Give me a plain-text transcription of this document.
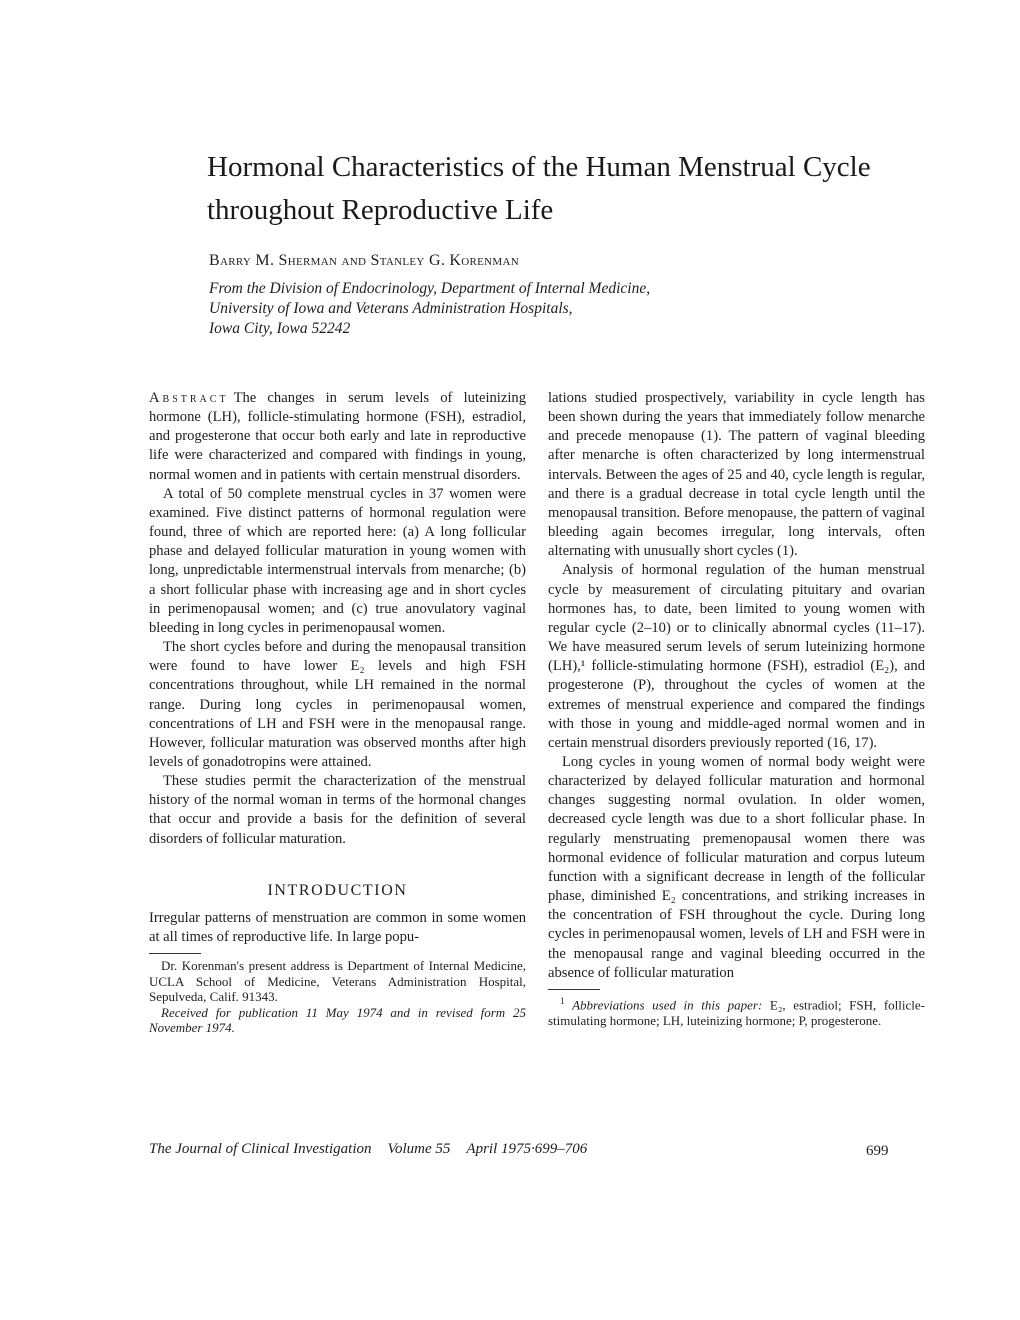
Hormonal Characteristics of the Human Menstrual Cycle
throughout Reproductive Life
Barry M. Sherman and Stanley G. Korenman
From the Division of Endocrinology, Department of Internal Medicine,
University of Iowa and Veterans Administration Hospitals,
Iowa City, Iowa 52242

Abstract The changes in serum levels of luteinizing hormone (LH), follicle-stimulating hormone (FSH), estradiol, and progesterone that occur both early and late in reproductive life were characterized and compared with findings in young, normal women and in patients with certain menstrual disorders.

A total of 50 complete menstrual cycles in 37 women were examined. Five distinct patterns of hormonal regulation were found, three of which are reported here: (a) A long follicular phase and delayed follicular maturation in young women with long, unpredictable intermenstrual intervals from menarche; (b) a short follicular phase with increasing age and in short cycles in perimenopausal women; and (c) true anovulatory vaginal bleeding in long cycles in perimenopausal women.

The short cycles before and during the menopausal transition were found to have lower E₂ levels and high FSH concentrations throughout, while LH remained in the normal range. During long cycles in perimenopausal women, concentrations of LH and FSH were in the menopausal range. However, follicular maturation was observed months after high levels of gonadotropins were attained.

These studies permit the characterization of the menstrual history of the normal woman in terms of the hormonal changes that occur and provide a basis for the definition of several disorders of follicular maturation.

INTRODUCTION

Irregular patterns of menstruation are common in some women at all times of reproductive life. In large popu-

Dr. Korenman's present address is Department of Internal Medicine, UCLA School of Medicine, Veterans Administration Hospital, Sepulveda, Calif. 91343.

Received for publication 11 May 1974 and in revised form 25 November 1974.

lations studied prospectively, variability in cycle length has been shown during the years that immediately follow menarche and precede menopause (1). The pattern of vaginal bleeding after menarche is often characterized by long intermenstrual intervals. Between the ages of 25 and 40, cycle length is regular, and there is a gradual decrease in total cycle length until the menopausal transition. Before menopause, the pattern of vaginal bleeding again becomes irregular, long intervals, often alternating with unusually short cycles (1).

Analysis of hormonal regulation of the human menstrual cycle by measurement of circulating pituitary and ovarian hormones has, to date, been limited to young women with regular cycle (2–10) or to clinically abnormal cycles (11–17). We have measured serum levels of serum luteinizing hormone (LH),¹ follicle-stimulating hormone (FSH), estradiol (E₂), and progesterone (P), throughout the cycles of women at the extremes of menstrual experience and compared the findings with those in young and middle-aged normal women and in certain menstrual disorders previously reported (16, 17).

Long cycles in young women of normal body weight were characterized by delayed follicular maturation and hormonal changes suggesting normal ovulation. In older women, decreased cycle length was due to a short follicular phase. In regularly menstruating premenopausal women there was hormonal evidence of follicular maturation and corpus luteum function with a significant decrease in length of the follicular phase, diminished E₂ concentrations, and striking increases in the concentration of FSH throughout the cycle. During long cycles in perimenopausal women, levels of LH and FSH were in the menopausal range and vaginal bleeding occurred in the absence of follicular maturation

$^1$ Abbreviations used in this paper: E₂, estradiol; FSH, follicle-stimulating hormone; LH, luteinizing hormone; P, progesterone.

The Journal of Clinical Investigation Volume 55 April 1975·699–706	699
